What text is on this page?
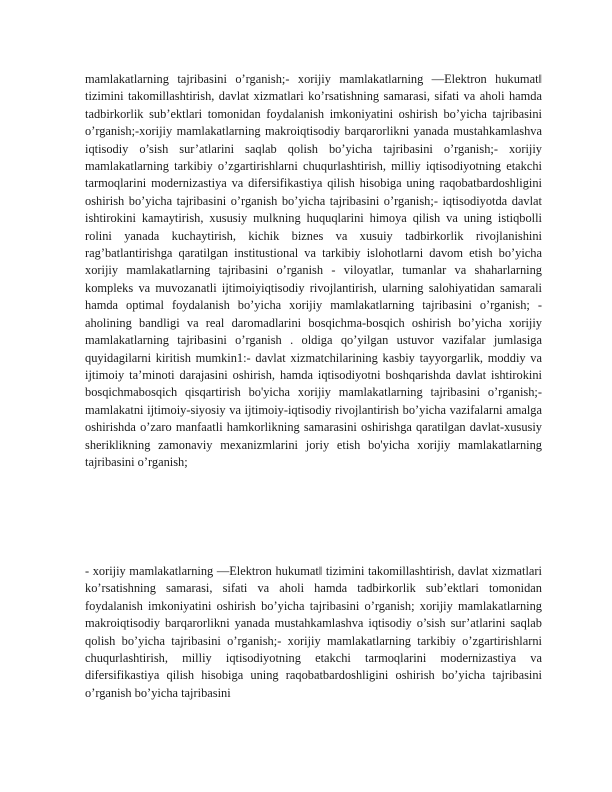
mamlakatlarning tajribasini o’rganish;- xorijiy mamlakatlarning ―Elektron hukumat‖ tizimini takomillashtirish, davlat xizmatlari ko’rsatishning samarasi, sifati va aholi hamda tadbirkorlik sub’ektlari tomonidan foydalanish imkoniyatini oshirish bo’yicha tajribasini o’rganish;-xorijiy mamlakatlarning makroiqtisodiy barqarorlikni yanada mustahkamlashva iqtisodiy o’sish sur’atlarini saqlab qolish bo’yicha tajribasini o’rganish;- xorijiy mamlakatlarning tarkibiy o’zgartirishlarni chuqurlashtirish, milliy iqtisodiyotning etakchi tarmoqlarini modernizastiya va difersifikastiya qilish hisobiga uning raqobatbardoshligini oshirish bo’yicha tajribasini o’rganish bo’yicha tajribasini o’rganish;- iqtisodiyotda davlat ishtirokini kamaytirish, xususiy mulkning huquqlarini himoya qilish va uning istiqbolli rolini yanada kuchaytirish, kichik biznes va xusuiy tadbirkorlik rivojlanishini rag’batlantirishga qaratilgan institustional va tarkibiy islohotlarni davom etish bo’yicha xorijiy mamlakatlarning tajribasini o’rganish - viloyatlar, tumanlar va shaharlarning kompleks va muvozanatli ijtimoiyiqtisodiy rivojlantirish, ularning salohiyatidan samarali hamda optimal foydalanish bo’yicha xorijiy mamlakatlarning tajribasini o’rganish; - aholining bandligi va real daromadlarini bosqichma-bosqich oshirish bo’yicha xorijiy mamlakatlarning tajribasini o’rganish . oldiga qo’yilgan ustuvor vazifalar jumlasiga quyidagilarni kiritish mumkin1:- davlat xizmatchilarining kasbiy tayyorgarlik, moddiy va ijtimoiy ta’minoti darajasini oshirish, hamda iqtisodiyotni boshqarishda davlat ishtirokini bosqichmabosqich qisqartirish bo'yicha xorijiy mamlakatlarning tajribasini o’rganish;- mamlakatni ijtimoiy-siyosiy va ijtimoiy-iqtisodiy rivojlantirish bo’yicha vazifalarni amalga oshirishda o’zaro manfaatli hamkorlikning samarasini oshirishga qaratilgan davlat-xususiy sheriklikning zamonaviy mexanizmlarini joriy etish bo'yicha xorijiy mamlakatlarning tajribasini o’rganish;

- xorijiy mamlakatlarning ―Elektron hukumat‖ tizimini takomillashtirish, davlat xizmatlari ko’rsatishning samarasi, sifati va aholi hamda tadbirkorlik sub’ektlari tomonidan foydalanish imkoniyatini oshirish bo’yicha tajribasini o’rganish; xorijiy mamlakatlarning makroiqtisodiy barqarorlikni yanada mustahkamlashva iqtisodiy o’sish sur’atlarini saqlab qolish bo’yicha tajribasini o’rganish;- xorijiy mamlakatlarning tarkibiy o’zgartirishlarni chuqurlashtirish, milliy iqtisodiyotning etakchi tarmoqlarini modernizastiya va difersifikastiya qilish hisobiga uning raqobatbardoshligini oshirish bo’yicha tajribasini o’rganish bo’yicha tajribasini
